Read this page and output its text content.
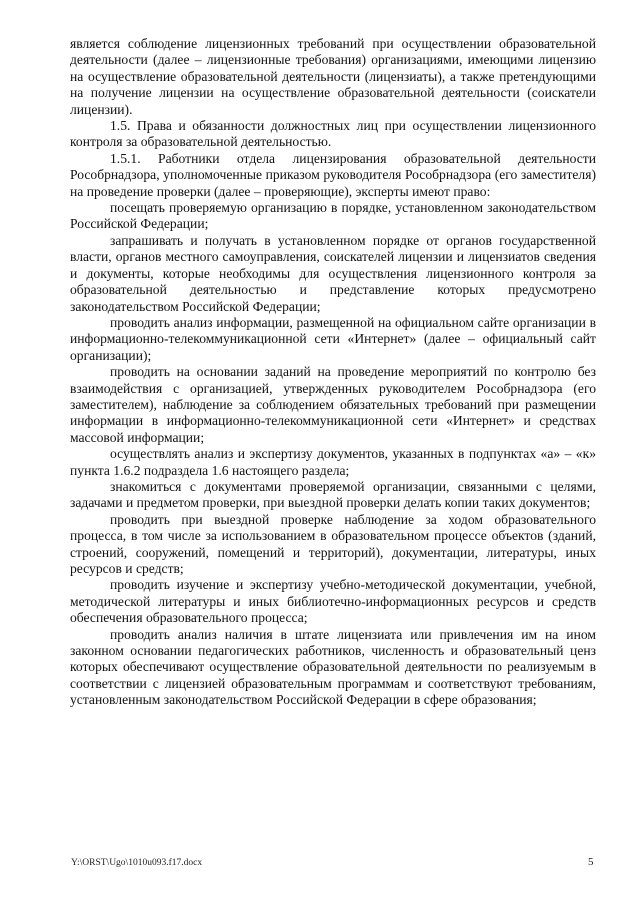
является соблюдение лицензионных требований при осуществлении образовательной деятельности (далее – лицензионные требования) организациями, имеющими лицензию на осуществление образовательной деятельности (лицензиаты), а также претендующими на получение лицензии на осуществление образовательной деятельности (соискатели лицензии).

1.5. Права и обязанности должностных лиц при осуществлении лицензионного контроля за образовательной деятельностью.

1.5.1. Работники отдела лицензирования образовательной деятельности Рособрнадзора, уполномоченные приказом руководителя Рособрнадзора (его заместителя) на проведение проверки (далее – проверяющие), эксперты имеют право:

посещать проверяемую организацию в порядке, установленном законодательством Российской Федерации;

запрашивать и получать в установленном порядке от органов государственной власти, органов местного самоуправления, соискателей лицензии и лицензиатов сведения и документы, которые необходимы для осуществления лицензионного контроля за образовательной деятельностью и представление которых предусмотрено законодательством Российской Федерации;

проводить анализ информации, размещенной на официальном сайте организации в информационно-телекоммуникационной сети «Интернет» (далее – официальный сайт организации);

проводить на основании заданий на проведение мероприятий по контролю без взаимодействия с организацией, утвержденных руководителем Рособрнадзора (его заместителем), наблюдение за соблюдением обязательных требований при размещении информации в информационно-телекоммуникационной сети «Интернет» и средствах массовой информации;

осуществлять анализ и экспертизу документов, указанных в подпунктах «а» – «к» пункта 1.6.2 подраздела 1.6 настоящего раздела;

знакомиться с документами проверяемой организации, связанными с целями, задачами и предметом проверки, при выездной проверки делать копии таких документов;

проводить при выездной проверке наблюдение за ходом образовательного процесса, в том числе за использованием в образовательном процессе объектов (зданий, строений, сооружений, помещений и территорий), документации, литературы, иных ресурсов и средств;

проводить изучение и экспертизу учебно-методической документации, учебной, методической литературы и иных библиотечно-информационных ресурсов и средств обеспечения образовательного процесса;

проводить анализ наличия в штате лицензиата или привлечения им на ином законном основании педагогических работников, численность и образовательный ценз которых обеспечивают осуществление образовательной деятельности по реализуемым в соответствии с лицензией образовательным программам и соответствуют требованиям, установленным законодательством Российской Федерации в сфере образования;

Y:\ORST\Ugo\1010u093.f17.docx	5
